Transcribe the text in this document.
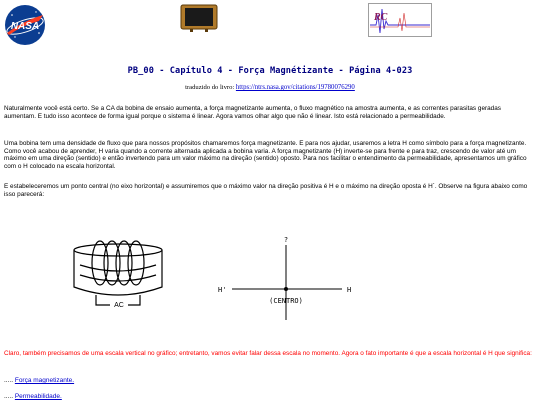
NASA
RC
PB_00 - Capítulo 4 - Força Magnétizante - Página 4-023
traduzido do livro: https://ntrs.nasa.gov/citations/19780076290
Naturalmente você está certo. Se a CA da bobina de ensaio aumenta, a força magnetizante aumenta, o fluxo magnético na amostra aumenta, e as correntes parasitas geradas aumentam. E tudo isso acontece de forma igual porque o sistema é linear. Agora vamos olhar algo que não é linear. Isto está relacionado a permeabilidade.
Uma bobina tem uma densidade de fluxo que para nossos propósitos chamaremos força magnetizante. E para nos ajudar, usaremos a letra H como símbolo para a força magnetizante. Como você acabou de aprender, H varia quando a corrente alternada aplicada a bobina varia. A força magnetizante (H) inverte-se para frente e para traz, crescendo de valor até um máximo em uma direção (sentido) e então invertendo para um valor máximo na direção (sentido) oposto. Para nos facilitar o entendimento da permeabilidade, apresentamos um gráfico com o H colocado na escala horizontal.
E estabeleceremos um ponto central (no eixo horizontal) e assumiremos que o máximo valor na direção positiva é H e o máximo na direção oposta é H´. Observe na figura abaixo como isso parecerá:
AC
?
H'	H
(CENTRO)
Claro, também precisamos de uma escala vertical no gráfico; entretanto, vamos evitar falar dessa escala no momento. Agora o fato importante é que a escala horizontal é H que significa:
..... Força magnetizante.
..... Permeabilidade.
